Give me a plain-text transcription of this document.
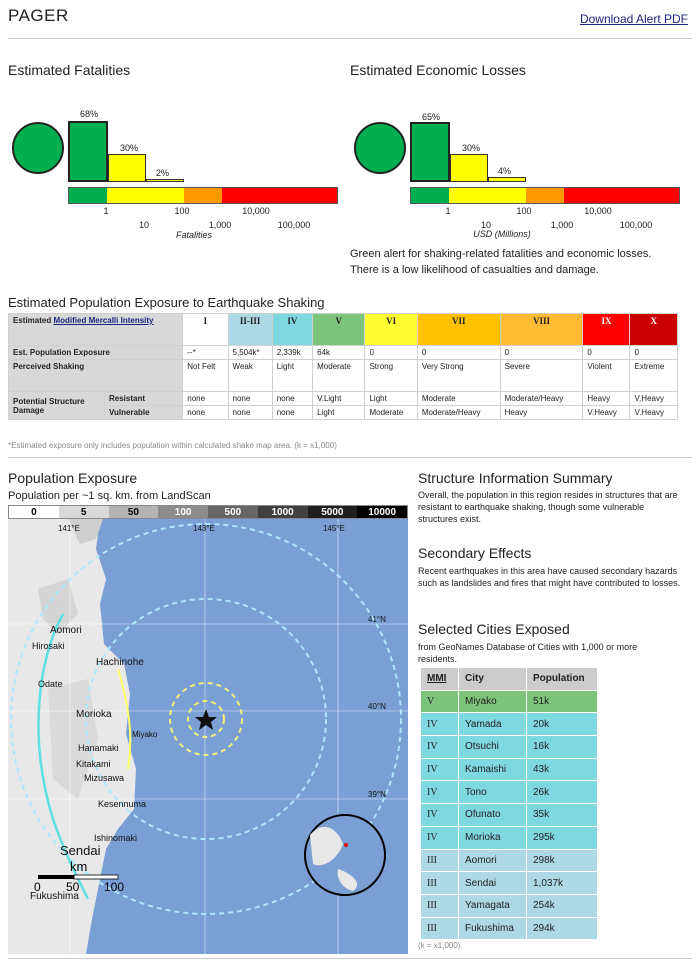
PAGER	Download Alert PDF
Estimated Fatalities
68%
30%
2%
1
10
100
1,000
10,000
100,000
Fatalities
Estimated Economic Losses
65%
30%
4%
1
10
100
1,000
10,000
100,000
USD (Millions)
Green alert for shaking-related fatalities and economic losses.
There is a low likelihood of casualties and damage.
Estimated Population Exposure to Earthquake Shaking
Estimated Modified Mercalli Intensity		I	II-III	IV	V	VI	VII	VIII	IX	X
Est. Population Exposure		--*	5,504k*	2,339k	64k	0	0	0	0	0
Perceived Shaking		Not Felt	Weak	Light	Moderate	Strong	Very Strong	Severe	Violent	Extreme
Potential Structure Damage	Resistant	none	none	none	V.Light	Light	Moderate	Moderate/Heavy	Heavy	V.Heavy
	Vulnerable	none	none	none	Light	Moderate	Moderate/Heavy	Heavy	V.Heavy	V.Heavy
*Estimated exposure only includes population within calculated shake map area. (k = x1,000)
Population Exposure
Population per ~1 sq. km. from LandScan
0	5	50	100	500	1000	5000	10000
141°E	143°E	145°E
41°N
40°N
39°N
Aomori
Hirosaki
Hachinohe
Odate
Morioka
Miyako
Hanamaki
Kitakami
Mizusawa
Kesennuma
Ishinomaki
Sendai
Fukushima
km
0 50 100
Structure Information Summary
Overall, the population in this region resides in structures that are resistant to earthquake shaking, though some vulnerable structures exist.
Secondary Effects
Recent earthquakes in this area have caused secondary hazards such as landslides and fires that might have contributed to losses.
Selected Cities Exposed
from GeoNames Database of Cities with 1,000 or more residents.
MMI	City	Population
V	Miyako	51k
IV	Yamada	20k
IV	Otsuchi	16k
IV	Kamaishi	43k
IV	Tono	26k
IV	Ofunato	35k
IV	Morioka	295k
III	Aomori	298k
III	Sendai	1,037k
III	Yamagata	254k
III	Fukushima	294k
(k = x1,000)
